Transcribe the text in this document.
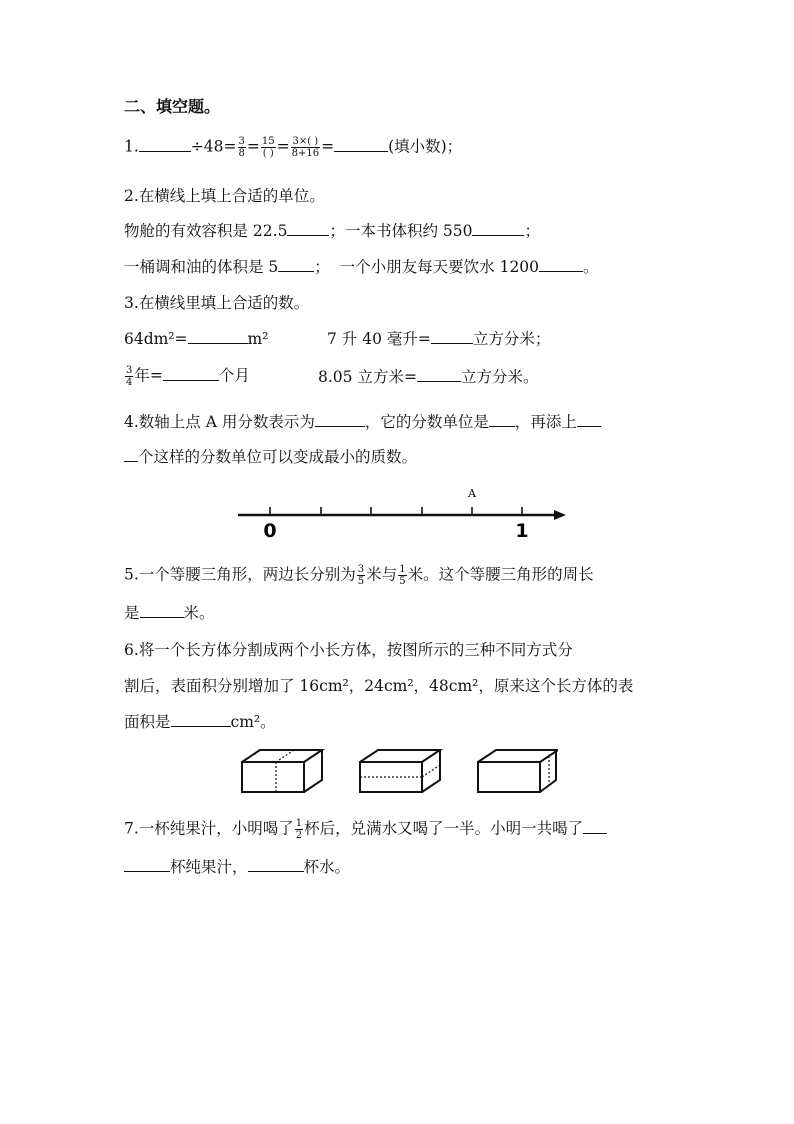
二、填空题。
1.	$\div 48= \frac{3}{8} = \frac{15}{( )} = \frac{3\times( )}{8+16}$ =	(填小数)；
2.在横线上填上合适的单位。
物舱的有效容积是 22.5	；一本书体积约 550	；
一桶调和油的体积是 5 ；  一个小朋友每天要饮水 1200	。
3.在横线里填上合适的数。
64dm²=	m²	7 升 40 毫升=	立方分米；
$\frac{3}{4}$ 年=	个月	8.05 立方米=	立方分米。
4.数轴上点 A 用分数表示为	，它的分数单位是 ，再添上
个这样的分数单位可以变成最小的质数。
A
0	1
5.一个等腰三角形，两边长分别为 $\frac{3}{5}$ 米与 $\frac{1}{5}$ 米。这个等腰三角形的周长
是	米。
6.将一个长方体分割成两个小长方体，按图所示的三种不同方式分
割后，表面积分别增加了 16cm²，24cm²，48cm²，原来这个长方体的表
面积是	cm²。
7.一杯纯果汁，小明喝了 $\frac{1}{2}$ 杯后，兑满水又喝了一半。小明一共喝了
杯纯果汁，	杯水。
